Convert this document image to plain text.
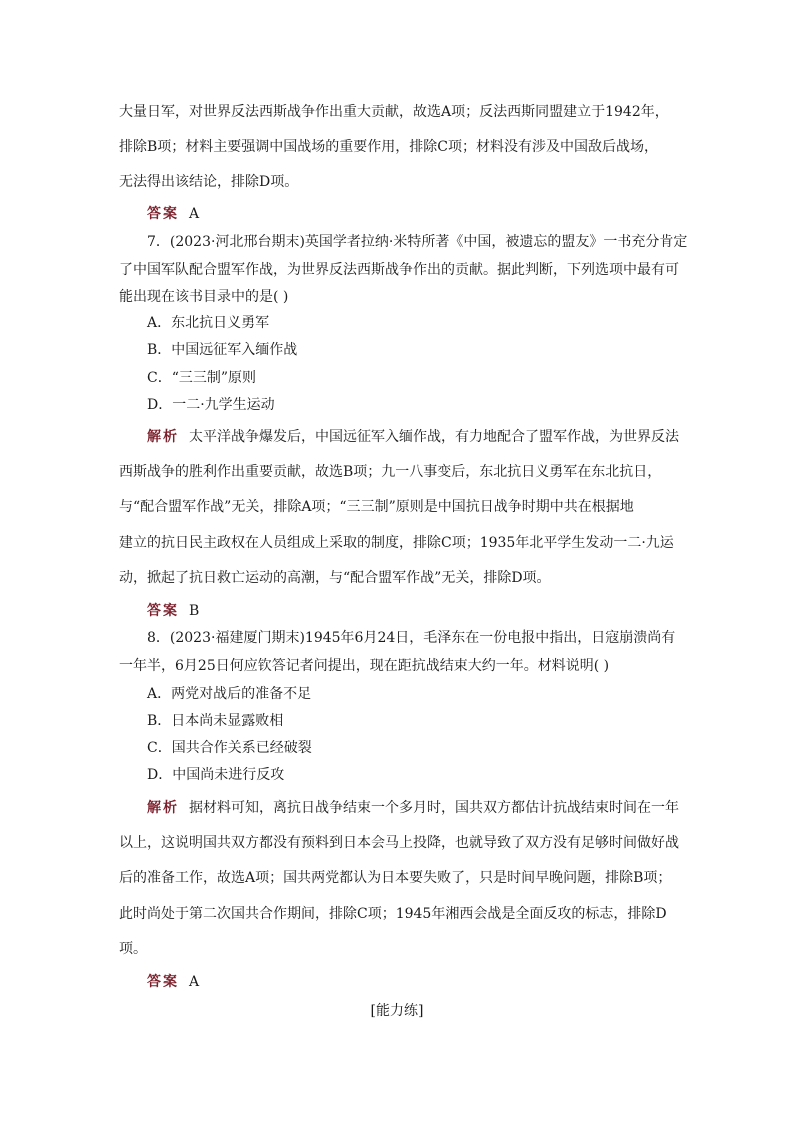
大量日军，对世界反法西斯战争作出重大贡献，故选A项；反法西斯同盟建立于1942年，
排除B项；材料主要强调中国战场的重要作用，排除C项；材料没有涉及中国敌后战场，
无法得出该结论，排除D项。
答案 A
7．(2023·河北邢台期末)英国学者拉纳·米特所著《中国，被遗忘的盟友》一书充分肯定
了中国军队配合盟军作战，为世界反法西斯战争作出的贡献。据此判断，下列选项中最有可
能出现在该书目录中的是( )
A．东北抗日义勇军
B．中国远征军入缅作战
C．“三三制”原则
D．一二·九学生运动
解析 太平洋战争爆发后，中国远征军入缅作战，有力地配合了盟军作战，为世界反法
西斯战争的胜利作出重要贡献，故选B项；九一八事变后，东北抗日义勇军在东北抗日，
与“配合盟军作战”无关，排除A项；“三三制”原则是中国抗日战争时期中共在根据地
建立的抗日民主政权在人员组成上采取的制度，排除C项；1935年北平学生发动一二·九运
动，掀起了抗日救亡运动的高潮，与“配合盟军作战”无关，排除D项。
答案 B
8．(2023·福建厦门期末)1945年6月24日，毛泽东在一份电报中指出，日寇崩溃尚有
一年半，6月25日何应钦答记者问提出，现在距抗战结束大约一年。材料说明( )
A．两党对战后的准备不足
B．日本尚未显露败相
C．国共合作关系已经破裂
D．中国尚未进行反攻
解析 据材料可知，离抗日战争结束一个多月时，国共双方都估计抗战结束时间在一年
以上，这说明国共双方都没有预料到日本会马上投降，也就导致了双方没有足够时间做好战
后的准备工作，故选A项；国共两党都认为日本要失败了，只是时间早晚问题，排除B项；
此时尚处于第二次国共合作期间，排除C项；1945年湘西会战是全面反攻的标志，排除D
项。
答案 A
[能力练]
